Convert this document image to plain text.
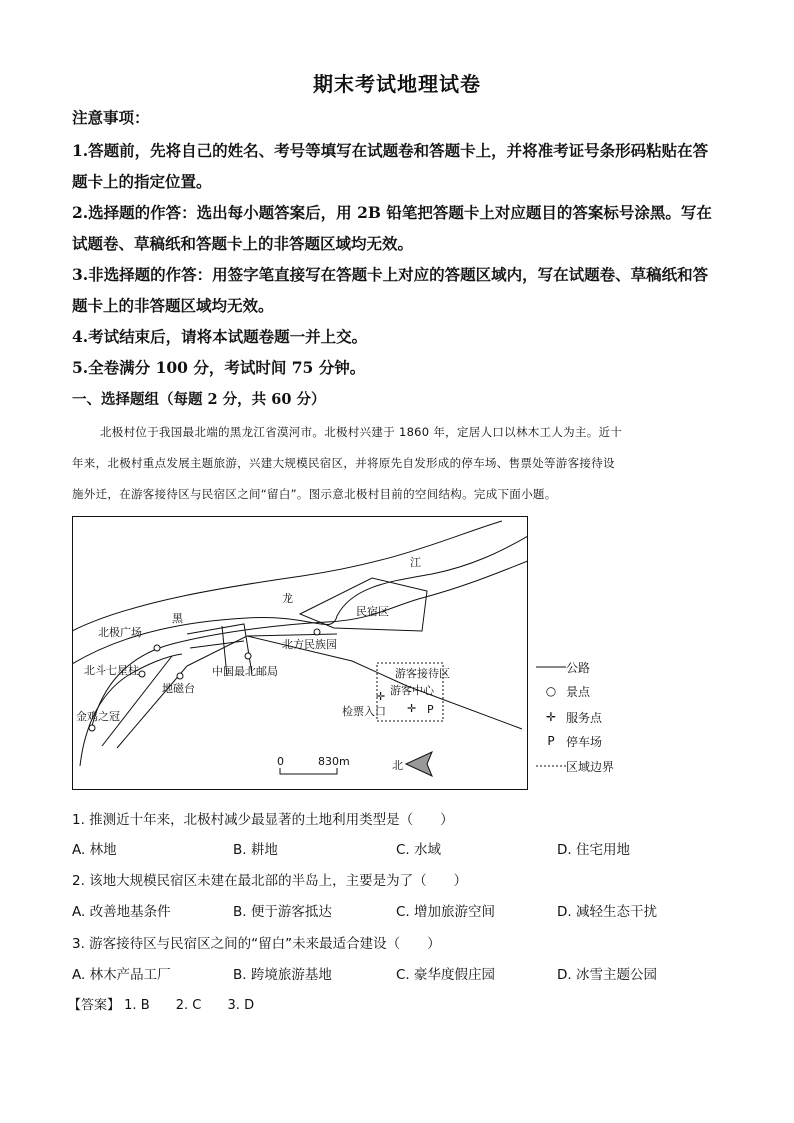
期末考试地理试卷
注意事项：
1.答题前，先将自己的姓名、考号等填写在试题卷和答题卡上，并将准考证号条形码粘贴在答
题卡上的指定位置。
2.选择题的作答：选出每小题答案后，用 2B 铅笔把答题卡上对应题目的答案标号涂黑。写在
试题卷、草稿纸和答题卡上的非答题区域均无效。
3.非选择题的作答：用签字笔直接写在答题卡上对应的答题区域内，写在试题卷、草稿纸和答
题卡上的非答题区域均无效。
4.考试结束后，请将本试题卷题一并上交。
5.全卷满分 100 分，考试时间 75 分钟。
一、选择题组（每题 2 分，共 60 分）
北极村位于我国最北端的黑龙江省漠河市。北极村兴建于 1860 年，定居人口以林木工人为主。近十
年来，北极村重点发展主题旅游，兴建大规模民宿区，并将原先自发形成的停车场、售票处等游客接待设
施外迁，在游客接待区与民宿区之间“留白”。图示意北极村目前的空间结构。完成下面小题。
✛
✛
黑
龙
江
民宿区
北极广场
北方民族园
北斗七星柱
地磁台
中国最北邮局
金鸡之冠
游客接待区
游客中心
检票入口	P
0	830m	北
公路
○ 景点
✛ 服务点
P 停车场
区域边界
1. 推测近十年来，北极村减少最显著的土地利用类型是（　　）
A. 林地	B. 耕地	C. 水域	D. 住宅用地
2. 该地大规模民宿区未建在最北部的半岛上，主要是为了（　　）
A. 改善地基条件	B. 便于游客抵达	C. 增加旅游空间	D. 减轻生态干扰
3. 游客接待区与民宿区之间的“留白”未来最适合建设（　　）
A. 林木产品工厂	B. 跨境旅游基地	C. 豪华度假庄园	D. 冰雪主题公园
【答案】 1. B 2. C 3. D
